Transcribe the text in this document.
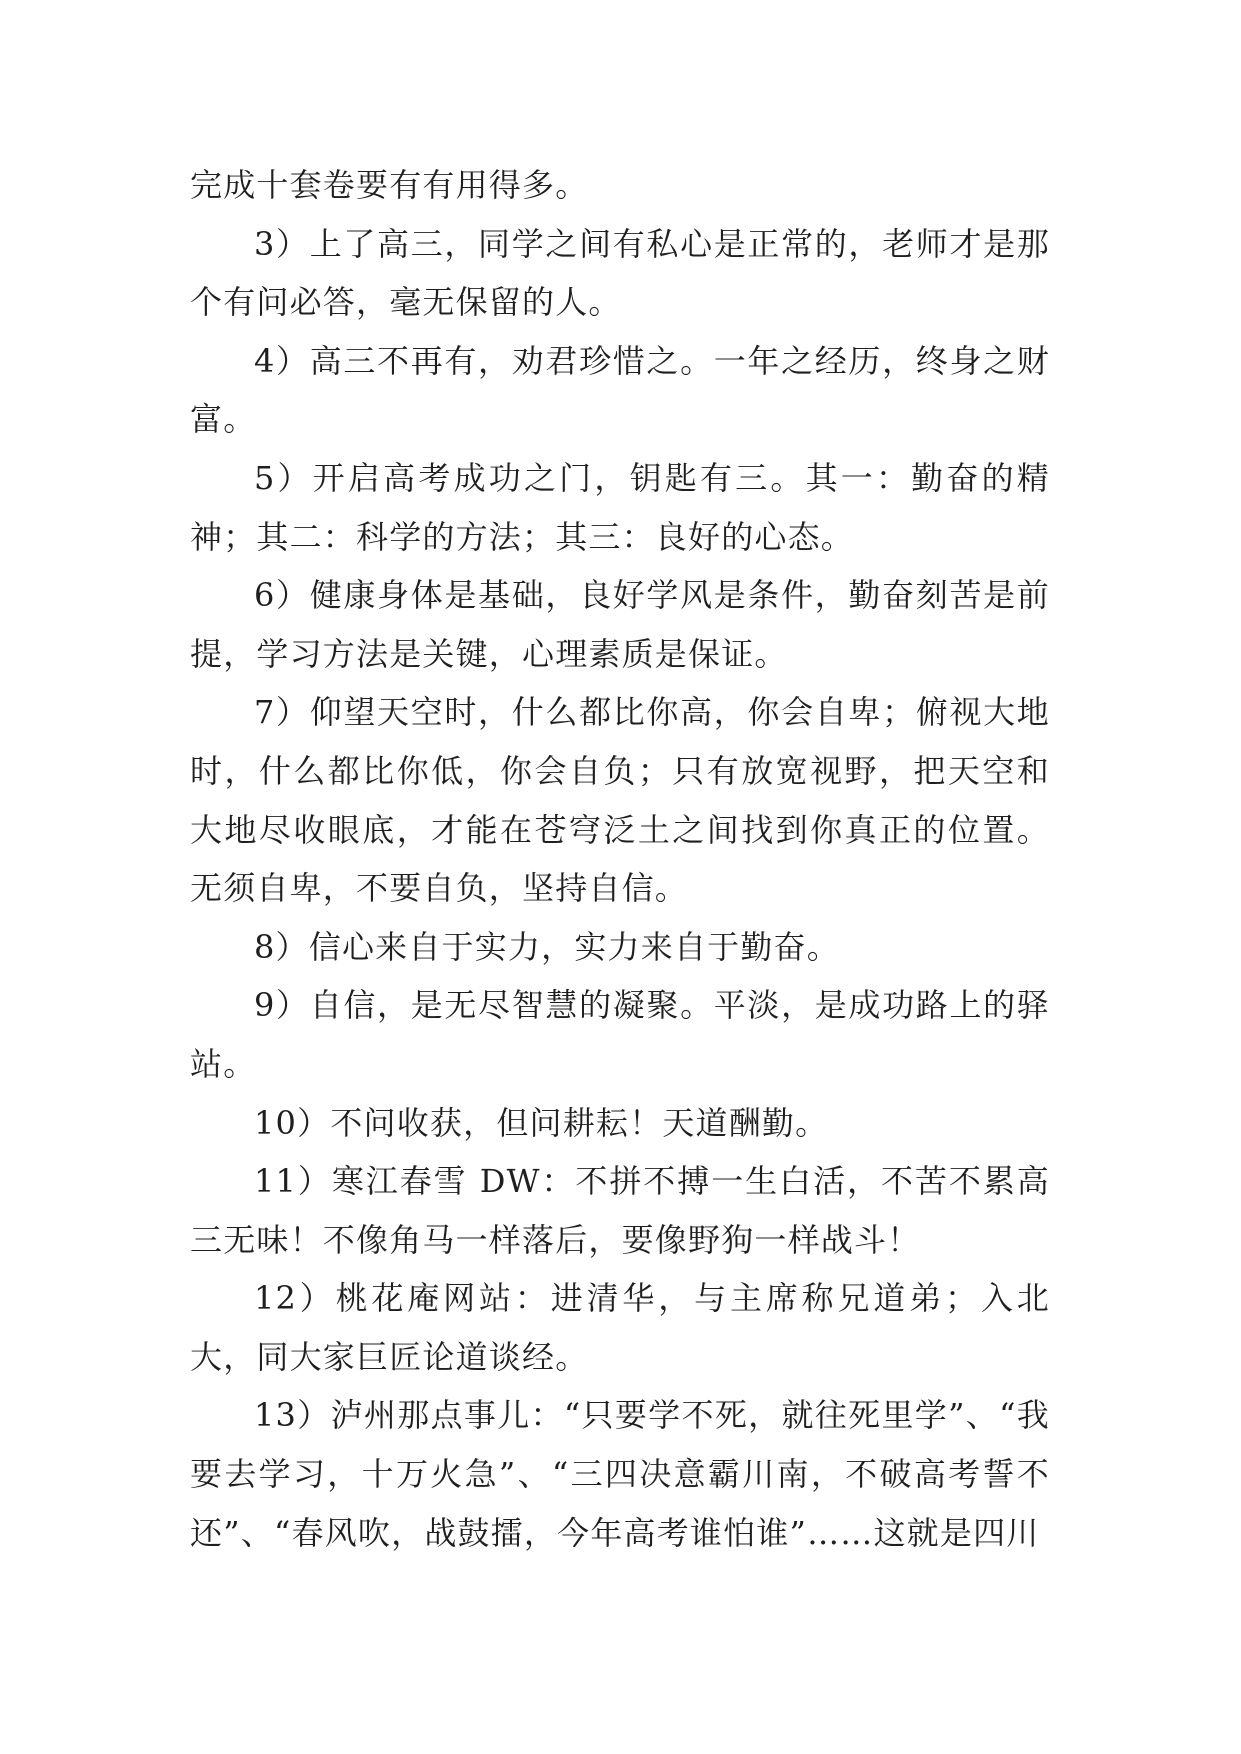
完成十套卷要有有用得多。

3）上了高三，同学之间有私心是正常的，老师才是那个有问必答，毫无保留的人。

4）高三不再有，劝君珍惜之。一年之经历，终身之财富。

5）开启高考成功之门，钥匙有三。其一：勤奋的精神；其二：科学的方法；其三：良好的心态。

6）健康身体是基础，良好学风是条件，勤奋刻苦是前提，学习方法是关键，心理素质是保证。

7）仰望天空时，什么都比你高，你会自卑；俯视大地时，什么都比你低，你会自负；只有放宽视野，把天空和大地尽收眼底，才能在苍穹泛土之间找到你真正的位置。无须自卑，不要自负，坚持自信。

8）信心来自于实力，实力来自于勤奋。

9）自信，是无尽智慧的凝聚。平淡，是成功路上的驿站。

10）不问收获，但问耕耘！天道酬勤。

11）寒江春雪 DW：不拼不搏一生白活，不苦不累高三无味！不像角马一样落后，要像野狗一样战斗！

12）桃花庵网站：进清华，与主席称兄道弟；入北大，同大家巨匠论道谈经。

13）泸州那点事儿：“只要学不死，就往死里学”、“我要去学习，十万火急”、“三四决意霸川南，不破高考誓不还”、“春风吹，战鼓擂，今年高考谁怕谁”……这就是四川
